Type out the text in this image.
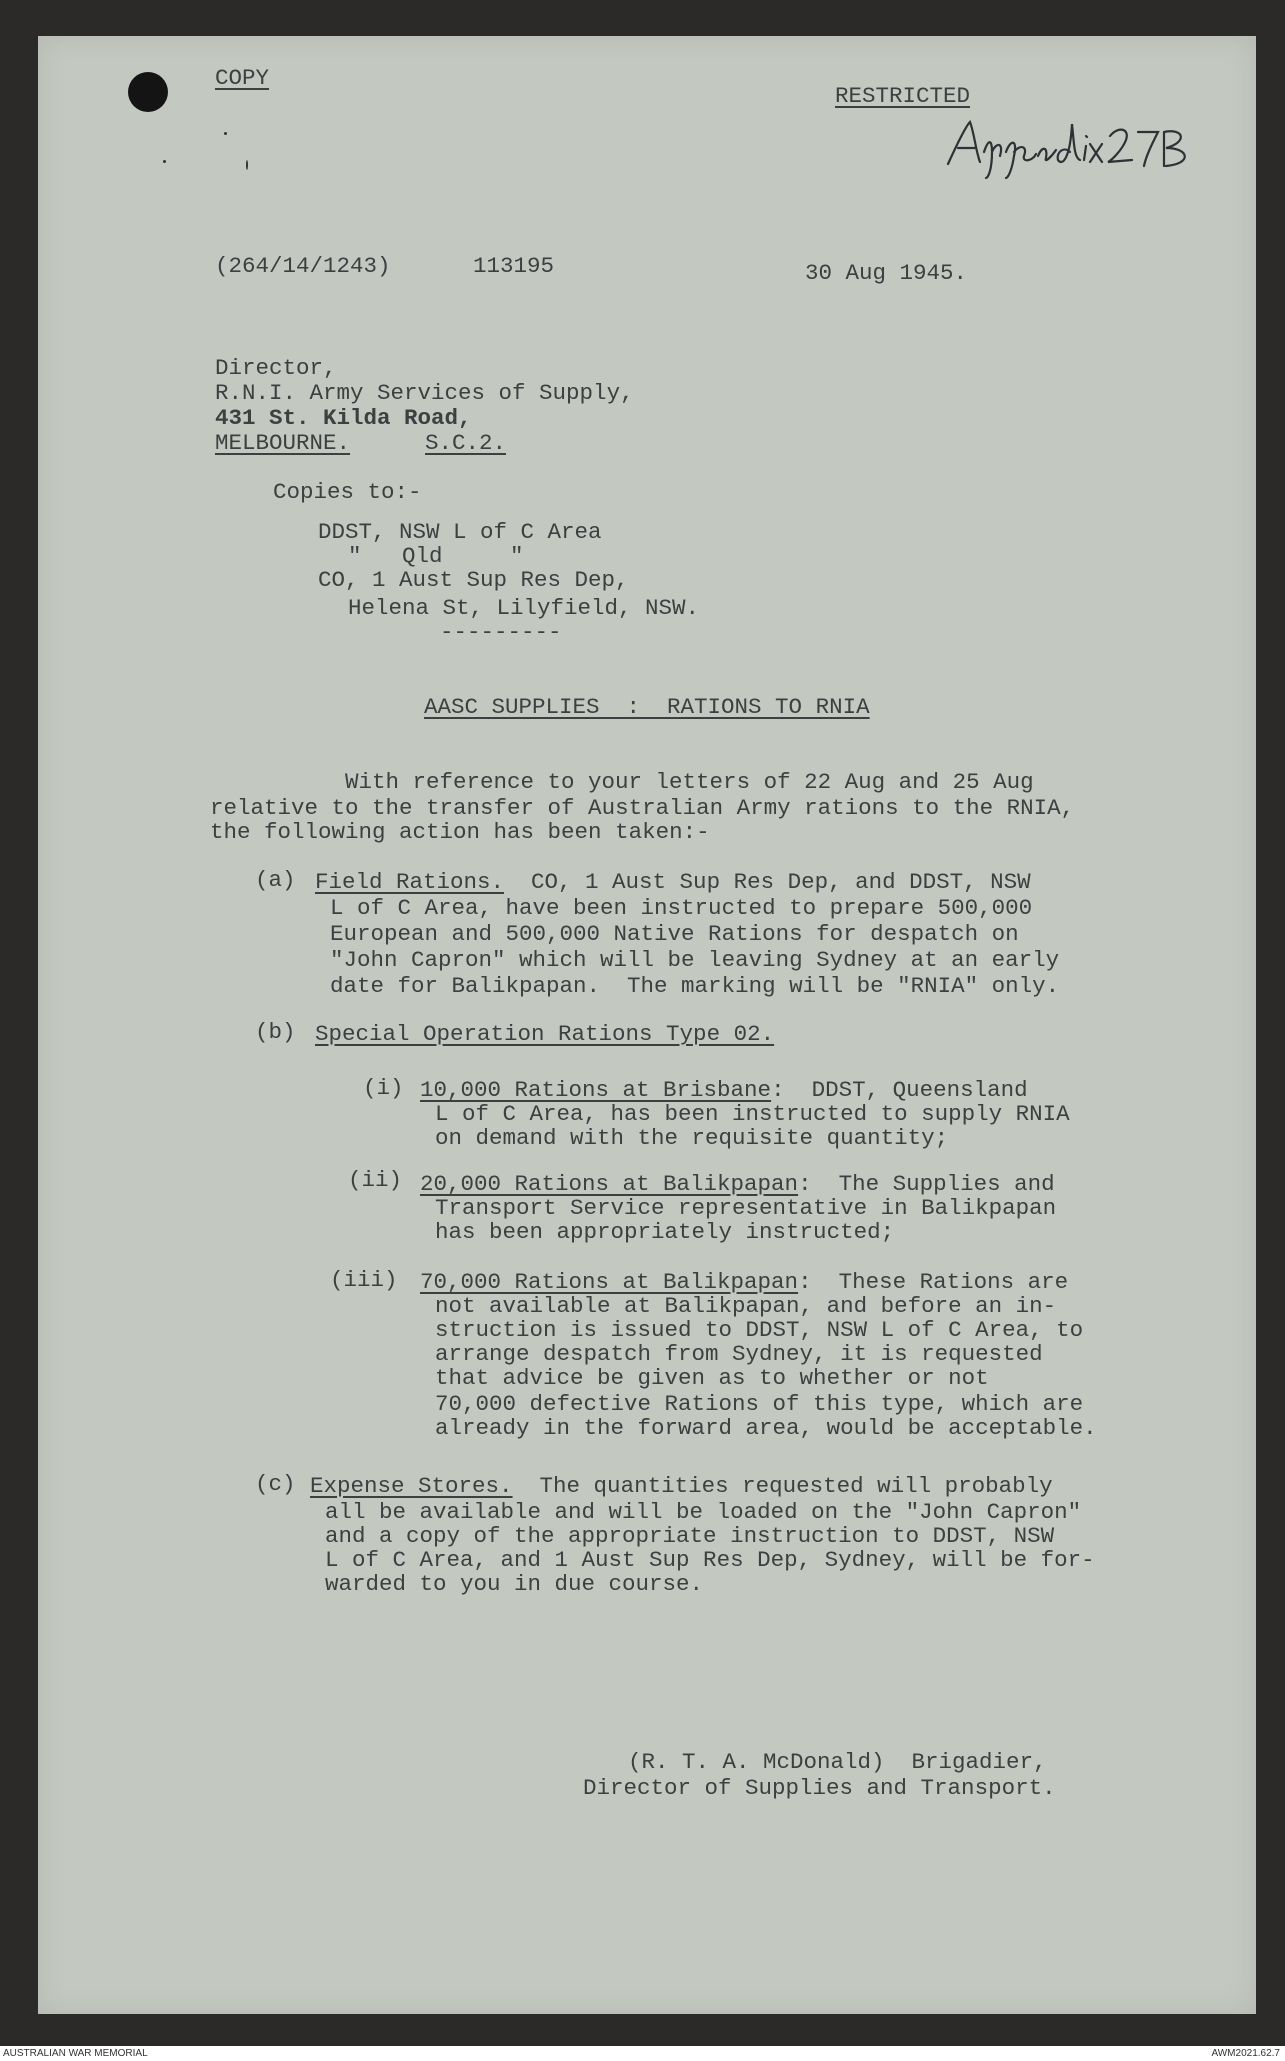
COPY
RESTRICTED
(264/14/1243)	113195	30 Aug 1945.
Director,
R.N.I. Army Services of Supply,
431 St. Kilda Road,
MELBOURNE.	S.C.2.
Copies to:-
DDST, NSW L of C Area
"   Qld     "
CO, 1 Aust Sup Res Dep,
Helena St, Lilyfield, NSW.
---------
AASC SUPPLIES  :  RATIONS TO RNIA
With reference to your letters of 22 Aug and 25 Aug
relative to the transfer of Australian Army rations to the RNIA,
the following action has been taken:-
(a) Field Rations.  CO, 1 Aust Sup Res Dep, and DDST, NSW
L of C Area, have been instructed to prepare 500,000
European and 500,000 Native Rations for despatch on
"John Capron" which will be leaving Sydney at an early
date for Balikpapan.  The marking will be "RNIA" only.
(b) Special Operation Rations Type 02.
(i) 10,000 Rations at Brisbane:  DDST, Queensland
L of C Area, has been instructed to supply RNIA
on demand with the requisite quantity;
(ii) 20,000 Rations at Balikpapan:  The Supplies and
Transport Service representative in Balikpapan
has been appropriately instructed;
(iii) 70,000 Rations at Balikpapan:  These Rations are
not available at Balikpapan, and before an in-
struction is issued to DDST, NSW L of C Area, to
arrange despatch from Sydney, it is requested
that advice be given as to whether or not
70,000 defective Rations of this type, which are
already in the forward area, would be acceptable.
(c) Expense Stores.  The quantities requested will probably
all be available and will be loaded on the "John Capron"
and a copy of the appropriate instruction to DDST, NSW
L of C Area, and 1 Aust Sup Res Dep, Sydney, will be for-
warded to you in due course.
(R. T. A. McDonald)  Brigadier,
Director of Supplies and Transport.
AUSTRALIAN WAR MEMORIAL	AWM2021.62.7
